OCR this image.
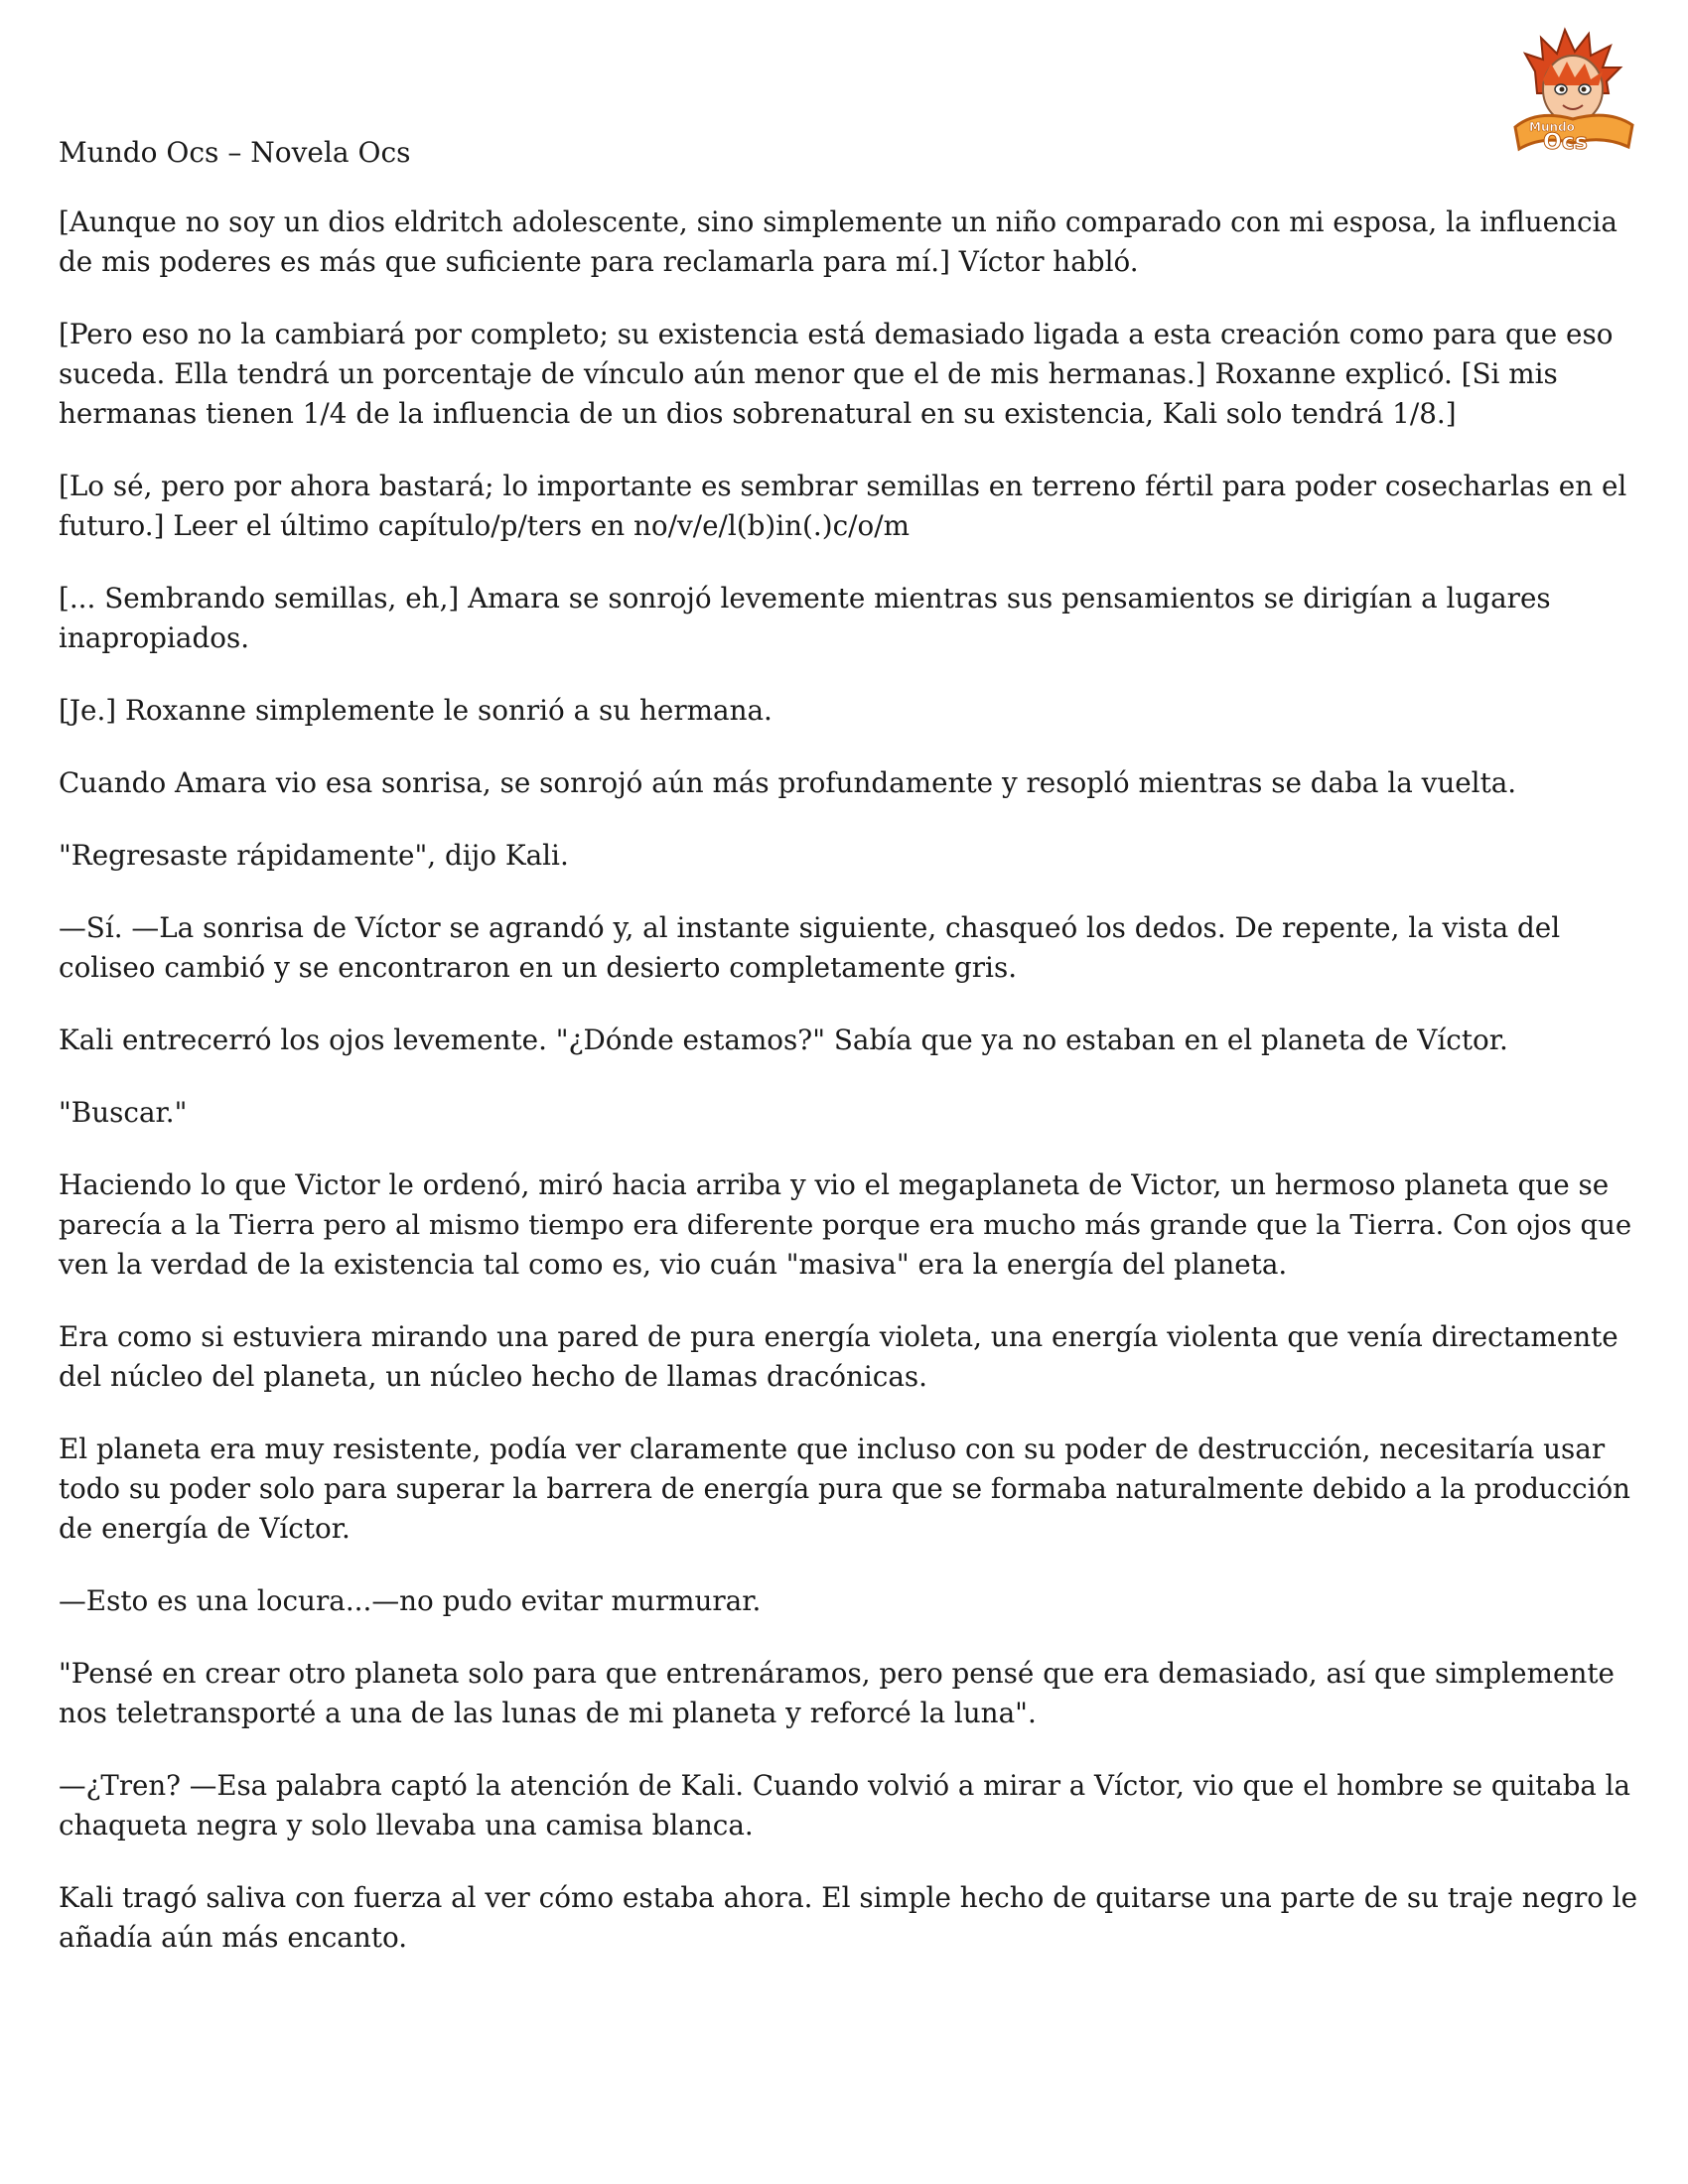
Mundo
Ocs
Mundo Ocs – Novela Ocs

[Aunque no soy un dios eldritch adolescente, sino simplemente un niño comparado con mi esposa, la influencia
de mis poderes es más que suficiente para reclamarla para mí.] Víctor habló.

[Pero eso no la cambiará por completo; su existencia está demasiado ligada a esta creación como para que eso
suceda. Ella tendrá un porcentaje de vínculo aún menor que el de mis hermanas.] Roxanne explicó. [Si mis
hermanas tienen 1/4 de la influencia de un dios sobrenatural en su existencia, Kali solo tendrá 1/8.]

[Lo sé, pero por ahora bastará; lo importante es sembrar semillas en terreno fértil para poder cosecharlas en el
futuro.] Leer el último capítulo/p/ters en no/v/e/l(b)in(.)c/o/m

[... Sembrando semillas, eh,] Amara se sonrojó levemente mientras sus pensamientos se dirigían a lugares
inapropiados.

[Je.] Roxanne simplemente le sonrió a su hermana.

Cuando Amara vio esa sonrisa, se sonrojó aún más profundamente y resopló mientras se daba la vuelta.

"Regresaste rápidamente", dijo Kali.

—Sí. —La sonrisa de Víctor se agrandó y, al instante siguiente, chasqueó los dedos. De repente, la vista del
coliseo cambió y se encontraron en un desierto completamente gris.

Kali entrecerró los ojos levemente. "¿Dónde estamos?" Sabía que ya no estaban en el planeta de Víctor.

"Buscar."

Haciendo lo que Victor le ordenó, miró hacia arriba y vio el megaplaneta de Victor, un hermoso planeta que se
parecía a la Tierra pero al mismo tiempo era diferente porque era mucho más grande que la Tierra. Con ojos que
ven la verdad de la existencia tal como es, vio cuán "masiva" era la energía del planeta.

Era como si estuviera mirando una pared de pura energía violeta, una energía violenta que venía directamente
del núcleo del planeta, un núcleo hecho de llamas dracónicas.

El planeta era muy resistente, podía ver claramente que incluso con su poder de destrucción, necesitaría usar
todo su poder solo para superar la barrera de energía pura que se formaba naturalmente debido a la producción
de energía de Víctor.

—Esto es una locura...—no pudo evitar murmurar.

"Pensé en crear otro planeta solo para que entrenáramos, pero pensé que era demasiado, así que simplemente
nos teletransporté a una de las lunas de mi planeta y reforcé la luna".

—¿Tren? —Esa palabra captó la atención de Kali. Cuando volvió a mirar a Víctor, vio que el hombre se quitaba la
chaqueta negra y solo llevaba una camisa blanca.

Kali tragó saliva con fuerza al ver cómo estaba ahora. El simple hecho de quitarse una parte de su traje negro le
añadía aún más encanto.
